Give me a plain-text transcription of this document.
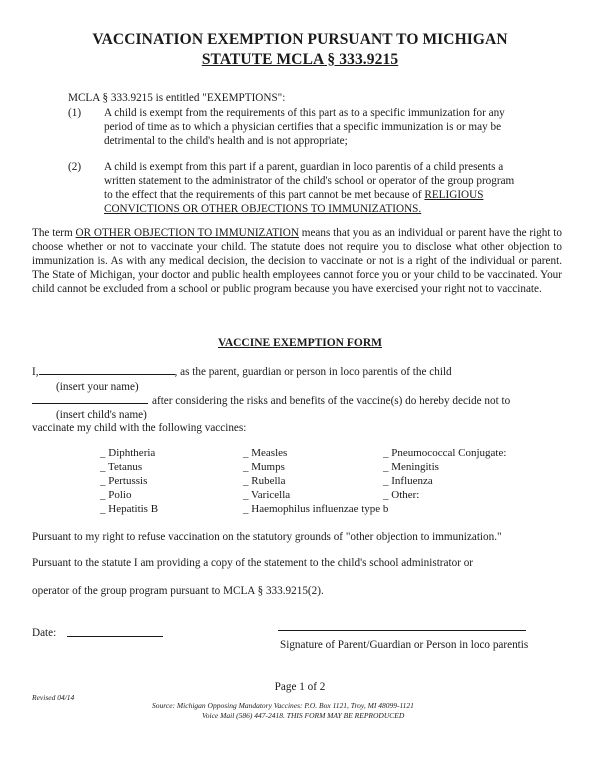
VACCINATION EXEMPTION PURSUANT TO MICHIGAN
STATUTE MCLA § 333.9215
MCLA § 333.9215 is entitled "EXEMPTIONS":
(1) A child is exempt from the requirements of this part as to a specific immunization for any
period of time as to which a physician certifies that a specific immunization is or may be
detrimental to the child's health and is not appropriate;
(2) A child is exempt from this part if a parent, guardian in loco parentis of a child presents a
written statement to the administrator of the child's school or operator of the group program
to the effect that the requirements of this part cannot be met because of RELIGIOUS
CONVICTIONS OR OTHER OBJECTIONS TO IMMUNIZATIONS.
The term OR OTHER OBJECTION TO IMMUNIZATION means that you as an individual or parent have the right to choose whether or not to vaccinate your child. The statute does not require you to disclose what other objection to immunization is. As with any medical decision, the decision to vaccinate or not is a right of the individual or parent. The State of Michigan, your doctor and public health employees cannot force you or your child to be vaccinated. Your child cannot be excluded from a school or public program because you have exercised your right not to vaccinate.
VACCINE EXEMPTION FORM
I,	, as the parent, guardian or person in loco parentis of the child
(insert your name)
after considering the risks and benefits of the vaccine(s) do hereby decide not to
(insert child's name)
vaccinate my child with the following vaccines:
_ Diphtheria
_ Tetanus
_ Pertussis
_ Polio
_ Hepatitis B
_ Measles
_ Mumps
_ Rubella
_ Varicella
_ Haemophilus influenzae type b
_ Pneumococcal Conjugate:
_ Meningitis
_ Influenza
_ Other:
Pursuant to my right to refuse vaccination on the statutory grounds of "other objection to immunization."
Pursuant to the statute I am providing a copy of the statement to the child's school administrator or
operator of the group program pursuant to MCLA § 333.9215(2).
Date:
Signature of Parent/Guardian or Person in loco parentis
Page 1 of 2
Revised 04/14
Source: Michigan Opposing Mandatory Vaccines: P.O. Box 1121, Troy, MI 48099-1121
Voice Mail (586) 447-2418. THIS FORM MAY BE REPRODUCED
